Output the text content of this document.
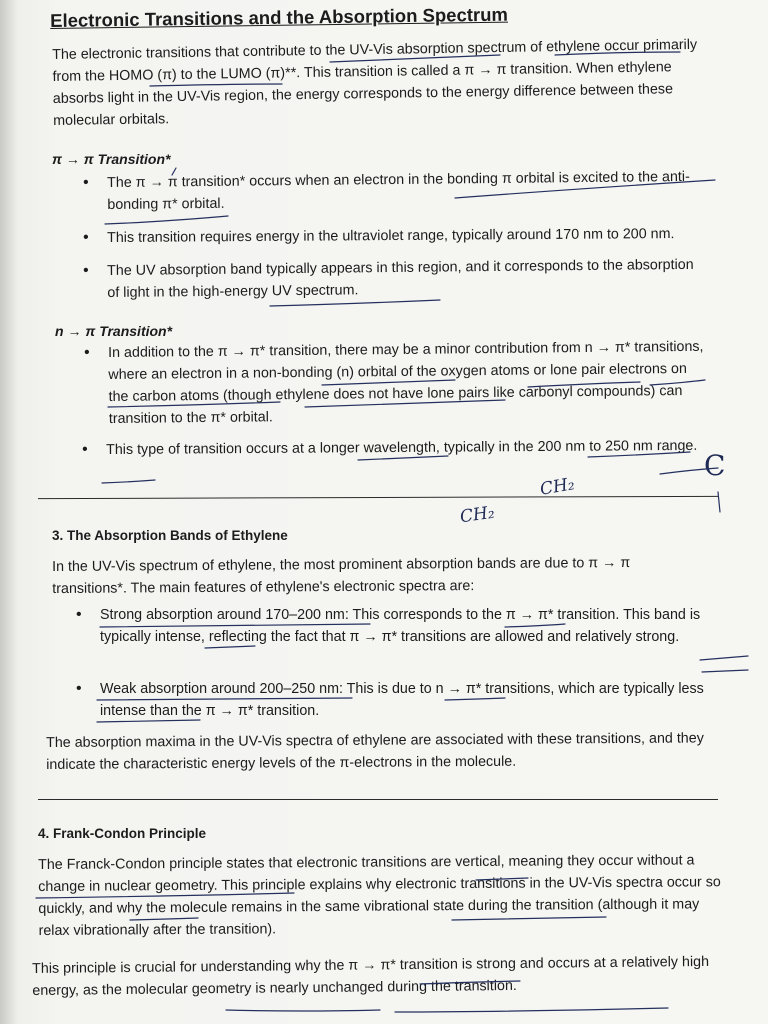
Electronic Transitions and the Absorption Spectrum

The electronic transitions that contribute to the UV-Vis absorption spectrum of ethylene occur primarily from the HOMO (π) to the LUMO (π)**. This transition is called a π → π transition. When ethylene absorbs light in the UV-Vis region, the energy corresponds to the energy difference between these molecular orbitals.

π → π Transition*
• The π → π transition* occurs when an electron in the bonding π orbital is excited to the anti-bonding π* orbital.
• This transition requires energy in the ultraviolet range, typically around 170 nm to 200 nm.
• The UV absorption band typically appears in this region, and it corresponds to the absorption of light in the high-energy UV spectrum.
n → π Transition*
• In addition to the π → π* transition, there may be a minor contribution from n → π* transitions, where an electron in a non-bonding (n) orbital of the oxygen atoms or lone pair electrons on the carbon atoms (though ethylene does not have lone pairs like carbonyl compounds) can transition to the π* orbital.
• This type of transition occurs at a longer wavelength, typically in the 200 nm to 250 nm range.
3. The Absorption Bands of Ethylene

In the UV-Vis spectrum of ethylene, the most prominent absorption bands are due to π → π transitions*. The main features of ethylene's electronic spectra are:

• Strong absorption around 170–200 nm: This corresponds to the π → π* transition. This band is typically intense, reflecting the fact that π → π* transitions are allowed and relatively strong.
• Weak absorption around 200–250 nm: This is due to n → π* transitions, which are typically less intense than the π → π* transition.

The absorption maxima in the UV-Vis spectra of ethylene are associated with these transitions, and they indicate the characteristic energy levels of the π-electrons in the molecule.

4. Frank-Condon Principle

The Franck-Condon principle states that electronic transitions are vertical, meaning they occur without a change in nuclear geometry. This principle explains why electronic transitions in the UV-Vis spectra occur so quickly, and why the molecule remains in the same vibrational state during the transition (although it may relax vibrationally after the transition).

This principle is crucial for understanding why the π → π* transition is strong and occurs at a relatively high energy, as the molecular geometry is nearly unchanged during the transition.

CH₂
CH₂
C
